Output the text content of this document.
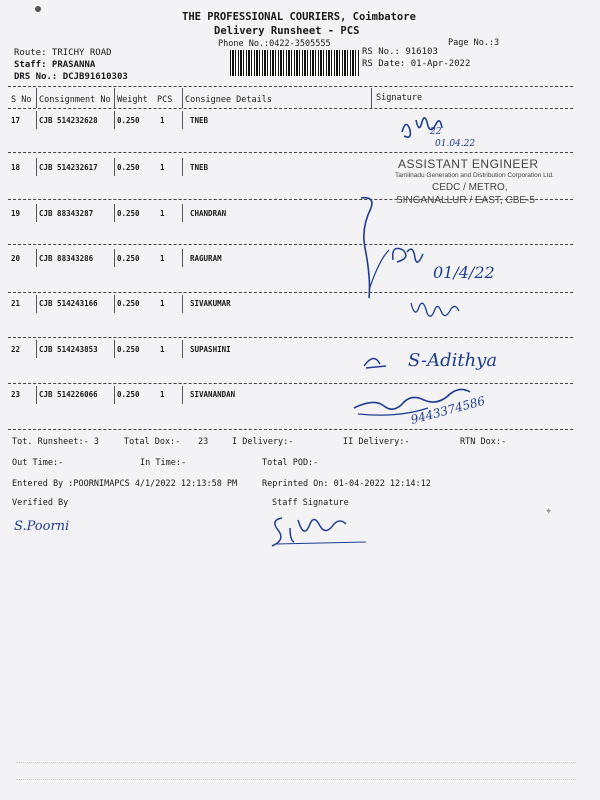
THE PROFESSIONAL COURIERS, Coimbatore
Delivery Runsheet - PCS
Phone No.:0422-3505555	Page No.:3
Route: TRICHY ROAD
Staff: PRASANNA
DRS No.: DCJB91610303
RS No.: 916103
RS Date: 01-Apr-2022
S No Consignment No Weight PCS Consignee Details	Signature
17	CJB 514232628	0.250	1	TNEB
18	CJB 514232617	0.250	1	TNEB
19	CJB 88343287	0.250	1	CHANDRAN
20	CJB 88343286	0.250	1	RAGURAM
21	CJB 514243166	0.250	1	SIVAKUMAR
22	CJB 514243853	0.250	1	SUPASHINI
23	CJB 514226066	0.250	1	SIVANANDAN
22
01.04.22
ASSISTANT ENGINEER
Tamilnadu Generation and Distribution Corporation Ltd.
CEDC / METRO,
SINGANALLUR / EAST, CBE-5
01/4/22
S-Adithya
9443374586
Tot. Runsheet:- 3	Total Dox:- 23	I Delivery:-	II Delivery:-	RTN Dox:-
Out Time:-	In Time:-	Total POD:-
Entered By :POORNIMAPCS 4/1/2022 12:13:58 PM	Reprinted On: 01-04-2022 12:14:12
Verified By
S.Poorni
Staff Signature	✦
